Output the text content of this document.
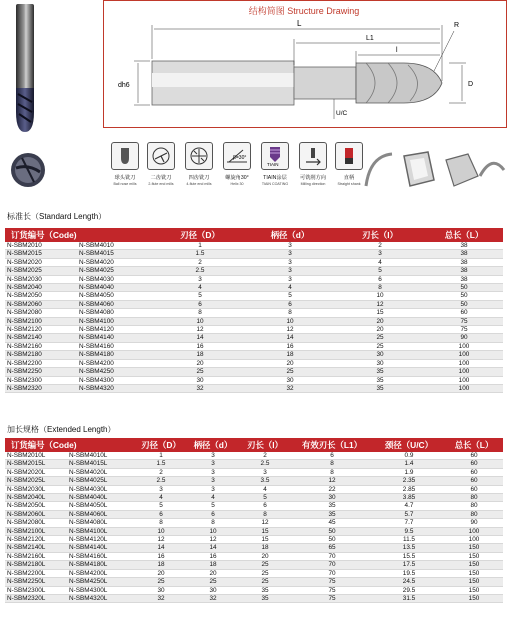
L
L1
l
R
D
dh6
U/C
结构简图 Structure Drawing
球头铣刀
Ball nose mills
二齿铣刀
2-flute end mills
四齿铣刀
4-flute end mills
β=30°
螺旋角30°
Helix 30
TIAIN
TIAIN涂层
TIAIN COATING
可铣削方向
Milling direction
直柄
Straight shank
标准长（Standard Length）
订货编号（Code)	刃径（D）	柄径（d）	刃长（l）	总长（L）
N-SBM2010 N-SBM4010	1	3	2	38
N-SBM2015 N-SBM4015	1.5	3	3	38
N-SBM2020 N-SBM4020	2	3	4	38
N-SBM2025 N-SBM4025	2.5	3	5	38
N-SBM2030 N-SBM4030	3	3	6	38
N-SBM2040 N-SBM4040	4	4	8	50
N-SBM2050 N-SBM4050	5	5	10	50
N-SBM2060 N-SBM4060	6	6	12	50
N-SBM2080 N-SBM4080	8	8	15	60
N-SBM2100 N-SBM4100	10	10	20	75
N-SBM2120 N-SBM4120	12	12	20	75
N-SBM2140 N-SBM4140	14	14	25	90
N-SBM2160 N-SBM4160	16	16	25	100
N-SBM2180 N-SBM4180	18	18	30	100
N-SBM2200 N-SBM4200	20	20	30	100
N-SBM2250 N-SBM4250	25	25	35	100
N-SBM2300 N-SBM4300	30	30	35	100
N-SBM2320 N-SBM4320	32	32	35	100
加长规格（Extended Length）
订货编号（Code)	刃径（D）	柄径（d）	刃长（l）	有效刃长（L1）	颈径（U/C）	总长（L）
N-SBM2010L N-SBM4010L	1	3	2	6	0.9	60
N-SBM2015L N-SBM4015L	1.5	3	2.5	8	1.4	60
N-SBM2020L N-SBM4020L	2	3	3	8	1.9	60
N-SBM2025L N-SBM4025L	2.5	3	3.5	12	2.35	60
N-SBM2030L N-SBM4030L	3	3	4	22	2.85	60
N-SBM2040L N-SBM4040L	4	4	5	30	3.85	80
N-SBM2050L N-SBM4050L	5	5	6	35	4.7	80
N-SBM2060L N-SBM4060L	6	6	8	35	5.7	80
N-SBM2080L N-SBM4080L	8	8	12	45	7.7	90
N-SBM2100L N-SBM4100L	10	10	15	50	9.5	100
N-SBM2120L N-SBM4120L	12	12	15	50	11.5	100
N-SBM2140L N-SBM4140L	14	14	18	65	13.5	150
N-SBM2160L N-SBM4160L	16	16	20	70	15.5	150
N-SBM2180L N-SBM4180L	18	18	25	70	17.5	150
N-SBM2200L N-SBM4200L	20	20	25	70	19.5	150
N-SBM2250L N-SBM4250L	25	25	25	75	24.5	150
N-SBM2300L N-SBM4300L	30	30	35	75	29.5	150
N-SBM2320L N-SBM4320L	32	32	35	75	31.5	150
